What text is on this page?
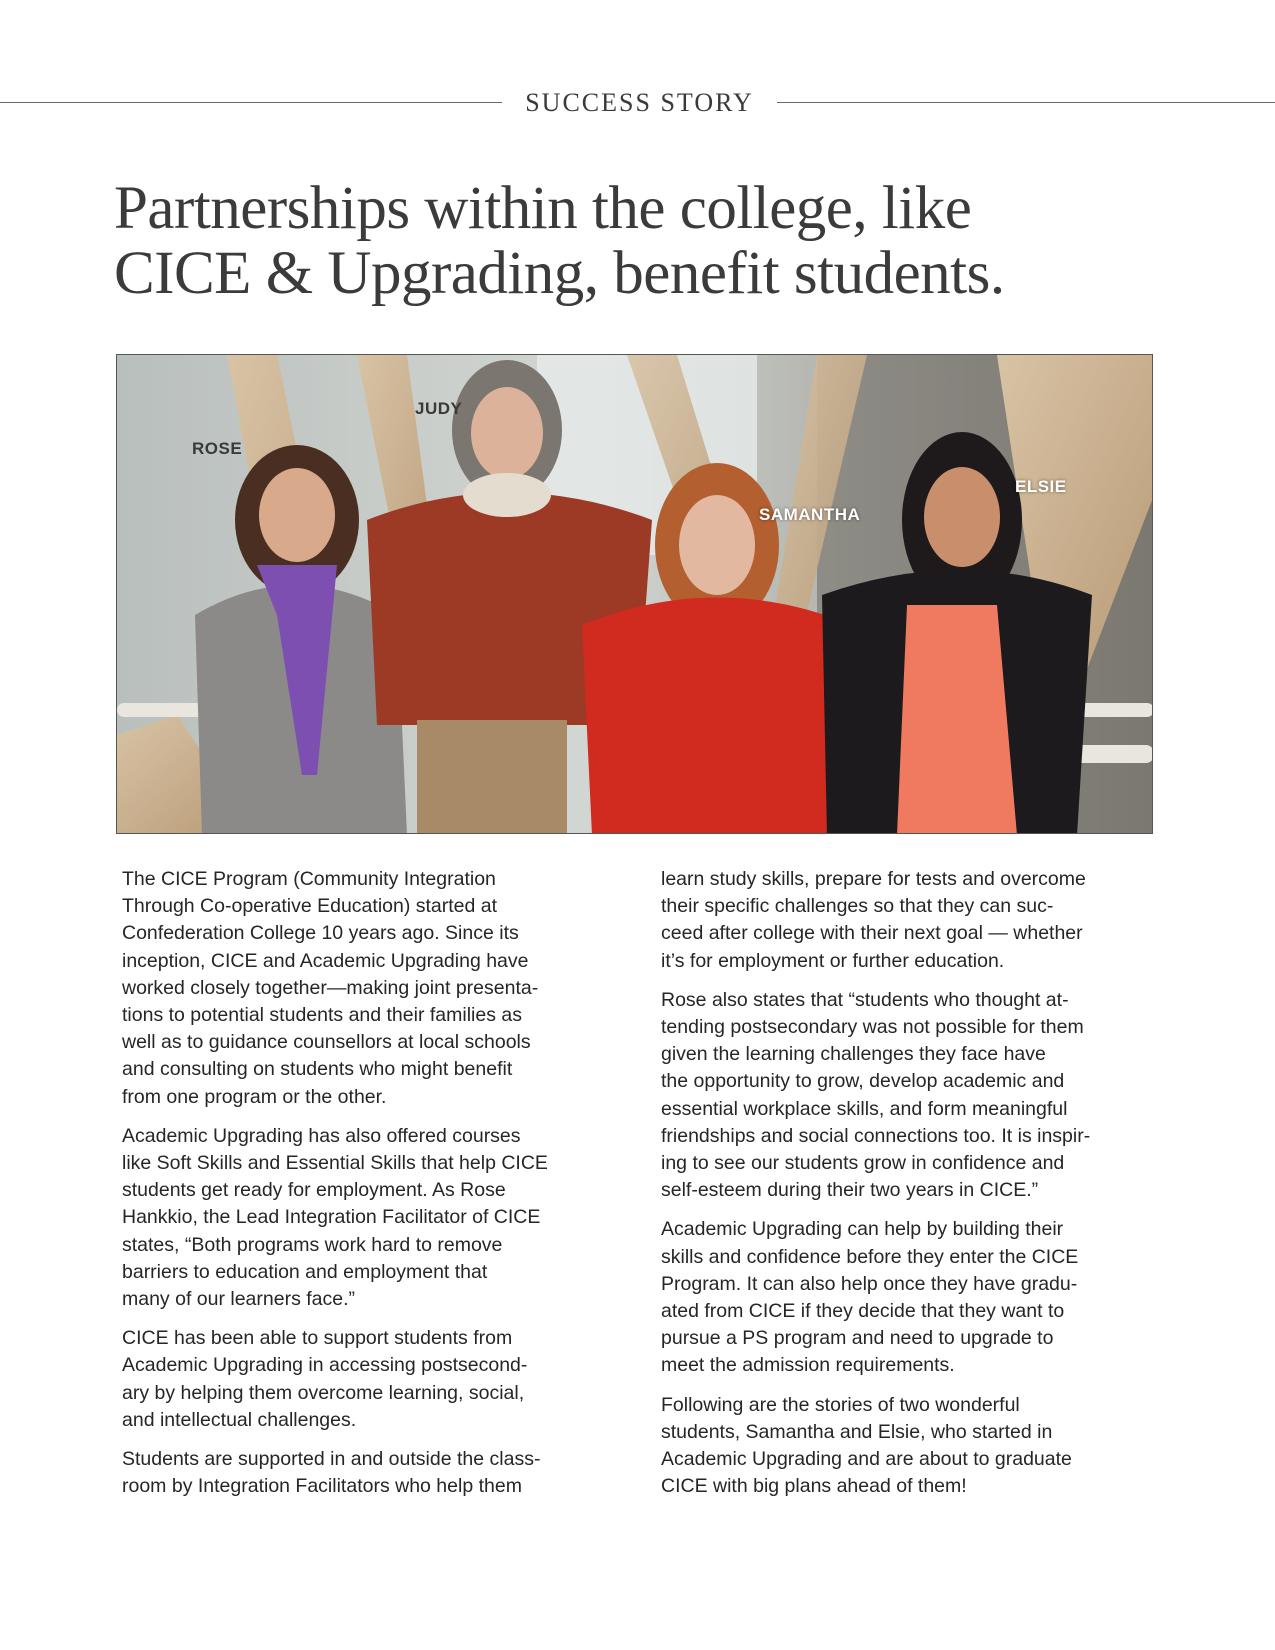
SUCCESS STORY
Partnerships within the college, like
CICE & Upgrading, benefit students.
ROSE
JUDY
SAMANTHA
ELSIE

The CICE Program (Community Integration
Through Co-operative Education) started at
Confederation College 10 years ago. Since its
inception, CICE and Academic Upgrading have
worked closely together—making joint presenta-
tions to potential students and their families as
well as to guidance counsellors at local schools
and consulting on students who might benefit
from one program or the other.

Academic Upgrading has also offered courses
like Soft Skills and Essential Skills that help CICE
students get ready for employment. As Rose
Hankkio, the Lead Integration Facilitator of CICE
states, “Both programs work hard to remove
barriers to education and employment that
many of our learners face.”

CICE has been able to support students from
Academic Upgrading in accessing postsecond-
ary by helping them overcome learning, social,
and intellectual challenges.

Students are supported in and outside the class-
room by Integration Facilitators who help them

learn study skills, prepare for tests and overcome
their specific challenges so that they can suc-
ceed after college with their next goal — whether
it’s for employment or further education.

Rose also states that “students who thought at-
tending postsecondary was not possible for them
given the learning challenges they face have
the opportunity to grow, develop academic and
essential workplace skills, and form meaningful
friendships and social connections too. It is inspir-
ing to see our students grow in confidence and
self-esteem during their two years in CICE.”

Academic Upgrading can help by building their
skills and confidence before they enter the CICE
Program. It can also help once they have gradu-
ated from CICE if they decide that they want to
pursue a PS program and need to upgrade to
meet the admission requirements.

Following are the stories of two wonderful
students, Samantha and Elsie, who started in
Academic Upgrading and are about to graduate
CICE with big plans ahead of them!
